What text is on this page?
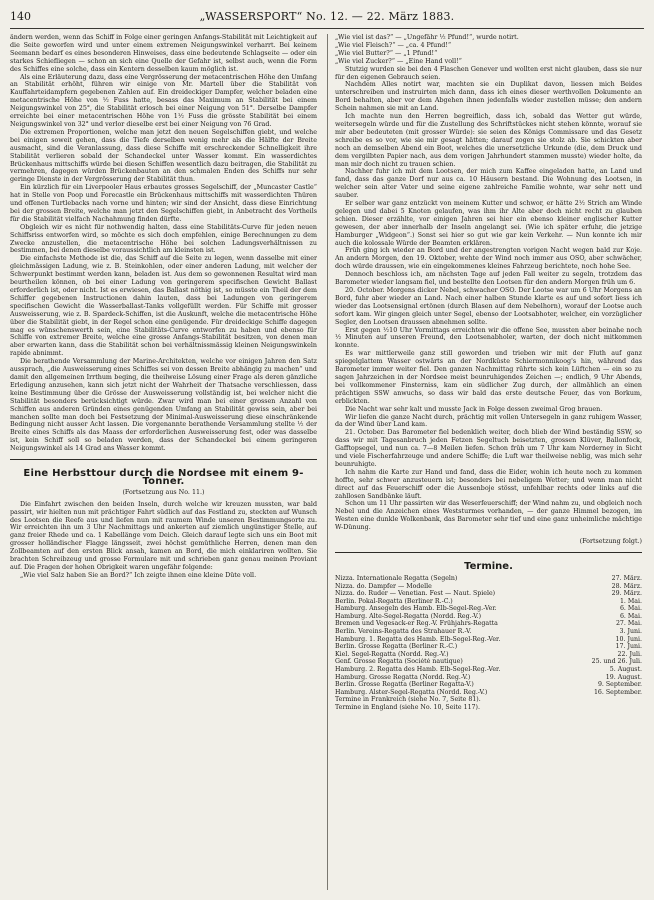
140	„WASSERSPORT“ No. 12. — 22. März 1883.

ändern werden, wenn das Schiff in Folge einer geringen Anfangs-Stabilität mit Leichtigkeit auf die Seite geworfen wird und unter einem extremen Neigungswinkel verharrt. Bei keinem Seemann bedarf es eines besonderen Hinweises, dass eine bedeutende Schlagseite — oder ein starkes Schiefliegen — schon an sich eine Quelle der Gefahr ist, selbst auch, wenn die Form des Schiffes eine solche, dass ein Kentern desselben kaum möglich ist.

Als eine Erläuterung dazu, dass eine Vergrösserung der metacentrischen Höhe den Umfang an Stabilität erhöht, führen wir einige von Mr. Martell über die Stabilität von Kauffahrteidampfern gegebenen Zahlen auf. Ein dreideckiger Dampfer, welcher beladen eine metacentrische Höhe von ½ Fuss hatte, besass das Maximum an Stabilität bei einem Neigungswinkel von 25°, die Stabilität erlosch bei einer Neigung von 51°. Derselbe Dampfer erreichte bei einer metacentrischen Höhe von 1½ Fuss die grösste Stabilität bei einem Neigungswinkel von 32° und verlor dieselbe erst bei einer Neigung von 76 Grad.

Die extremen Proportionen, welche man jetzt den neuen Segelschiffen giebt, und welche bei einigen soweit gehen, dass die Tiefe derselben wenig mehr als die Hälfte der Breite ausmacht, sind die Veranlassung, dass diese Schiffe mit erschreckender Schnelligkeit ihre Stabilität verlieren sobald der Schandeckel unter Wasser kommt. Ein wasserdichtes Brückenhaus mittschiffs würde bei diesen Schiffen wesentlich dazu beitragen, die Stabilität zu vermehren, dagegen würden Brückenbauten an den schmalen Enden des Schiffs nur sehr geringe Dienste in der Vergrösserung der Stabilität thun.

Ein kürzlich für ein Liverpooler Haus erbautes grosses Segelschiff, der „Muncaster Castle“ hat in Stelle von Poop und Forecastle ein Brückenhaus mittschiffs mit wasserdichten Thüren und offenen Turtlebacks nach vorne und hinten; wir sind der Ansicht, dass diese Einrichtung bei der grossen Breite, welche man jetzt den Segelschiffen giebt, in Anbetracht des Vortheils für die Stabilität vielfach Nachahmung finden dürfte.

Obgleich wir es nicht für nothwendig halten, dass eine Stabilitäts-Curve für jeden neuen Schiffsriss entworfen wird, so möchte es sich doch empfehlen, einige Berechnungen zu dem Zwecke anzustellen, die metacentrische Höhe bei solchen Ladungsverhältnissen zu bestimmen, bei denen dieselbe voraussichtlich am kleinsten ist.

Die einfachste Methode ist die, das Schiff auf die Seite zu legen, wenn dasselbe mit einer gleichmässigen Ladung, wie z. B. Steinkohlen, oder einer anderen Ladung, mit welcher der Schwerpunkt bestimmt werden kann, beladen ist. Aus dem so gewonnenen Resultat wird man beurtheilen können, ob bei einer Ladung von geringerem specifischen Gewicht Ballast erforderlich ist, oder nicht. Ist es erwiesen, das Ballast nöthig ist, so müsste ein Theil der dem Schiffer gegebenen Instructionen dahin lauten, dass bei Ladungen von geringerem specifischen Gewicht die Wasserballast-Tanks vollgefüllt werden. Für Schiffe mit grosser Ausweisserung, wie z. B. Spardeck-Schiffen, ist die Auskunft, welche die metacentrische Höhe über die Stabilität giebt, in der Regel schon eine genügende. Für dreideckige Schiffe dagegen mag es wünschenswerth sein, eine Stabilitäts-Curve entworfen zu haben und ebenso für Schiffe von extremer Breite, welche eine grosse Anfangs-Stabilität besitzen, von denen man aber erwarten kann, dass die Stabilität schon bei verhältnissmässig kleinen Neigungswinkeln rapide abnimmt.

Die berathende Versammlung der Marine-Architekten, welche vor einigen Jahren den Satz aussprach, „die Ausweisserung eines Schiffes sei von dessen Breite abhängig zu machen“ und damit den allgemeinen Irrthum beging, die theilweise Lösung einer Frage als deren gänzliche Erledigung anzusehen, kann sich jetzt nicht der Wahrheit der Thatsache verschliessen, dass keine Bestimmung über die Grösse der Ausweisserung vollständig ist, bei welcher nicht die Stabilität besonders berücksichtigt würde. Zwar wird man bei einer grossen Anzahl von Schiffen aus anderen Gründen eines genügenden Umfang an Stabilität gewiss sein, aber bei manchen sollte man doch bei Festsetzung der Minimal-Ausweisserung diese einschränkende Bedingung nicht ausser Acht lassen. Die vorgenannte berathende Versammlung stellte ½ der Breite eines Schiffs als das Maass der erforderlichen Ausweisserung fest, oder was dasselbe ist, kein Schiff soll so beladen werden, dass der Schandeckel bei einem geringeren Neigungswinkel als 14 Grad ans Wasser kommt.

Eine Herbsttour durch die Nordsee mit einem 9-Tonner.
(Fortsetzung aus No. 11.)

Die Einfahrt zwischen den beiden Inseln, durch welche wir kreuzen mussten, war bald passirt, wir hielten nun mit prächtiger Fahrt südlich auf das Festland zu, steckten auf Wunsch des Lootsen die Reefe aus und liefen nun mit raumem Winde unseren Bestimmungsorte zu. Wir erreichten ihn um 3 Uhr Nachmittags und ankerten auf ziemlich ungünstiger Stelle, auf ganz freier Rhede und ca. 1 Kabellänge vom Deich. Gleich darauf legte sich uns ein Boot mit grosser holländischer Flagge längsseit, zwei höchst gemüthliche Herren, denen man den Zollbeamten auf den ersten Blick ansah, kamen an Bord, die mich einklariren wollten. Sie brachten Schreibzeug und grosse Formulare mit und schrieben ganz genau meinen Proviant auf. Die Fragen der hohen Obrigkeit waren ungefähr folgende:

„Wie viel Salz haben Sie an Bord?“ Ich zeigte ihnen eine kleine Düte voll.

„Wie viel ist das?“ — „Ungefähr ½ Pfund!“, wurde notirt.

„Wie viel Fleisch?“ — „ca. 4 Pfund!“

„Wie viel Butter?“ — „1 Pfund!“

„Wie viel Zucker?“ — „Eine Hand voll!“

Stutzig wurden sie bei den 4 Flaschen Genever und wollten erst nicht glauben, dass sie nur für den eigenen Gebrauch seien.

Nachdem Alles notirt war, machten sie ein Duplikat davon, liessen mich Beides unterschreiben und instruirten mich dann, dass ich eines dieser werthvollen Dokumente an Bord behalten, aber vor dem Abgehen ihnen jedenfalls wieder zustellen müsse; den andern Schein nahmen sie mit an Land.

Ich machte nun den Herren begreiflich, dass ich, sobald das Wetter gut würde, weitersegeln würde und für die Zustellung des Schriftstückes nicht stehen könnte, worauf sie mir aber bedeuteten (mit grosser Würde): sie seien des Königs Commissare und das Gesetz schreibe es so vor, wie sie mir gesagt hätten; darauf zogen sie stolz ab. Sie schickten aber noch an demselben Abend ein Boot, welches die unersetzliche Urkunde (die, dem Druck und dem vergilbten Papier nach, aus dem vorigen Jahrhundert stammen musste) wieder holte, da man mir doch nicht zu trauen schien.

Nachher fuhr ich mit dem Lootsen, der mich zum Kaffee eingeladen hatte, an Land und fand, dass das ganze Dorf nur aus ca. 10 Häusern bestand. Die Wohnung des Lootsen, in welcher sein alter Vater und seine eigene zahlreiche Familie wohnte, war sehr nett und sauber.

Er selber war ganz entzückt von meinem Kutter und schwor, er hätte 2½ Strich am Winde gelegen und dabei 5 Knoten gelaufen, was ihm ihr Alte aber doch nicht recht zu glauben schien. Dieser erzählte, vor einigen Jahren sei hier ein ebenso kleiner englischer Kutter gewesen, der aber innerhalb der Inseln angelangt sei. (Wie ich später erfuhr, die jetzige Hamburger „Widgeon“.) Sonst sei hier so gut wie gar kein Verkehr. — Nun konnte ich mir auch die kolossale Würde der Beamten erklären.

Früh ging ich wieder an Bord und der angestrengten vorigen Nacht wegen bald zur Koje. An andern Morgen, den 19. Oktober, wehte der Wind noch immer aus OSO, aber schwächer, doch würde draussen, wie ein eingekommenes kleines Fahrzeug berichtete, noch hohe See.

Dennoch beschloss ich, am nächsten Tage auf jeden Fall weiter zu segeln, trotzdem das Barometer wieder langsam fiel, und bestellte den Lootsen für den andern Morgen früh um 6.

20. October. Morgens dicker Nebel, schwacher OSO. Der Lootse war um 6 Uhr Morgens an Bord, fuhr aber wieder an Land. Nach einer halben Stunde klarte es auf und sofort liess ich wieder das Lootsensignal ertönen (durch Blasen auf dem Nebelhorn), worauf der Lootse auch sofort kam. Wir gingen gleich unter Segel, ebenso der Lootsabhoter, welcher, ein vorzüglicher Segler, den Lootsen draussen abnehmen sollte.

Erst gegen ½10 Uhr Vormittags erreichten wir die offene See, mussten aber beinahe noch ½ Minuten auf unseren Freund, den Lootsenabholer, warten, der doch nicht mitkommen konnte.

Es war mittlerweile ganz still geworden und trieben wir mit der Fluth auf ganz spiegelglattem Wasser ostwärts an der Nordküste Schiermonnikoog's hin, während das Barometer immer weiter fiel. Den ganzen Nachmittag rührte sich kein Lüftchen — ein so zu sagen Jahrzeichen in der Nordsee meist beunruhigendes Zeichen —; endlich, 9 Uhr Abends, bei vollkommener Finsterniss, kam ein südlicher Zug durch, der allmählich an einen prächtigen SSW anwuchs, so dass wir bald das erste deutsche Feuer, das von Borkum, erblickten.

Die Nacht war sehr kalt und musste Jack in Folge dessen zweimal Grog brauen.

Wir liefen die ganze Nacht durch, prächtig mit vollen Untersegeln in ganz ruhigem Wasser, da der Wind über Land kam.

21. October. Das Barometer fiel bedenklich weiter, doch blieb der Wind beständig SSW, so dass wir mit Tagesanbruch jeden Fetzen Segeltuch beisetzten, grossen Klüver, Ballonfock, Gafftopsegel, und nun ca. 7—8 Meilen liefen. Schon früh um 7 Uhr kam Norderney in Sicht und viele Fischerfahrzeuge und andere Schiffe; die Luft war theilweise neblig, was mich sehr beunruhigte.

Ich nahm die Karte zur Hand und fand, dass die Eider, wohin ich heute noch zu kommen hoffte, sehr schwer anzusteuern ist; besonders bei nebeligem Wetter; und wenn man nicht direct auf das Feuerschiff oder die Aussenboje stösst, unfehlbar rechts oder links auf die zahllosen Sandbänke läuft.

Schon um 11 Uhr passirten wir das Weserfeuerschiff; der Wind nahm zu, und obgleich noch Nebel und die Anzeichen eines Weststurmes vorhanden, — der ganze Himmel bezogen, im Westen eine dunkle Wolkenbank, das Barometer sehr tief und eine ganz unheimliche mächtige W-Dünung.

(Fortsetzung folgt.)

Termine.
Nizza. Internationale Regatta (Segeln)	27. März.
Nizza. do. Dampfer — Modelle	28. März.
Nizza. do. Ruder — Venetian. Fest — Naut. Spiele)	29. März.
Berlin. Pokal-Regatta (Berliner R.-C.)	1. Mai.
Hamburg. Ansegeln des Hamb. Elb-Segel-Reg.-Ver.	6. Mai.
Hamburg. Alte-Segel-Regatta (Nordd. Reg.-V.)	6. Mai.
Bremen und Vegesack-er Reg.-V. Frühjahrs-Regatta	27. Mai.
Berlin. Vereins-Regatta des Strahauer R.-V.	3. Juni.
Hamburg. 1. Regatta des Hamb. Elb-Segel-Reg.-Ver.	10. Juni.
Berlin. Grosse Regatta (Berliner R.-C.)	17. Juni.
Kiel. Segel-Regatta (Nordd. Reg.-V.)	22. Juli.
Genf. Grosse Regatta (Société nautique)	25. und 26. Juli.
Hamburg. 2. Regatta des Hamb. Elb-Segel-Reg.-Ver.	5. August.
Hamburg. Grosse Regatta (Nordd. Reg.-V.)	19. August.
Berlin. Grosse Regatta (Berliner Regatta-V.)	9. September.
Hamburg. Alster-Segel-Regatta (Nordd. Reg.-V.)	16. September.
Termine in Frankreich (siehe No. 7, Seite 81).
Termine in England (siehe No. 10, Seite 117).
